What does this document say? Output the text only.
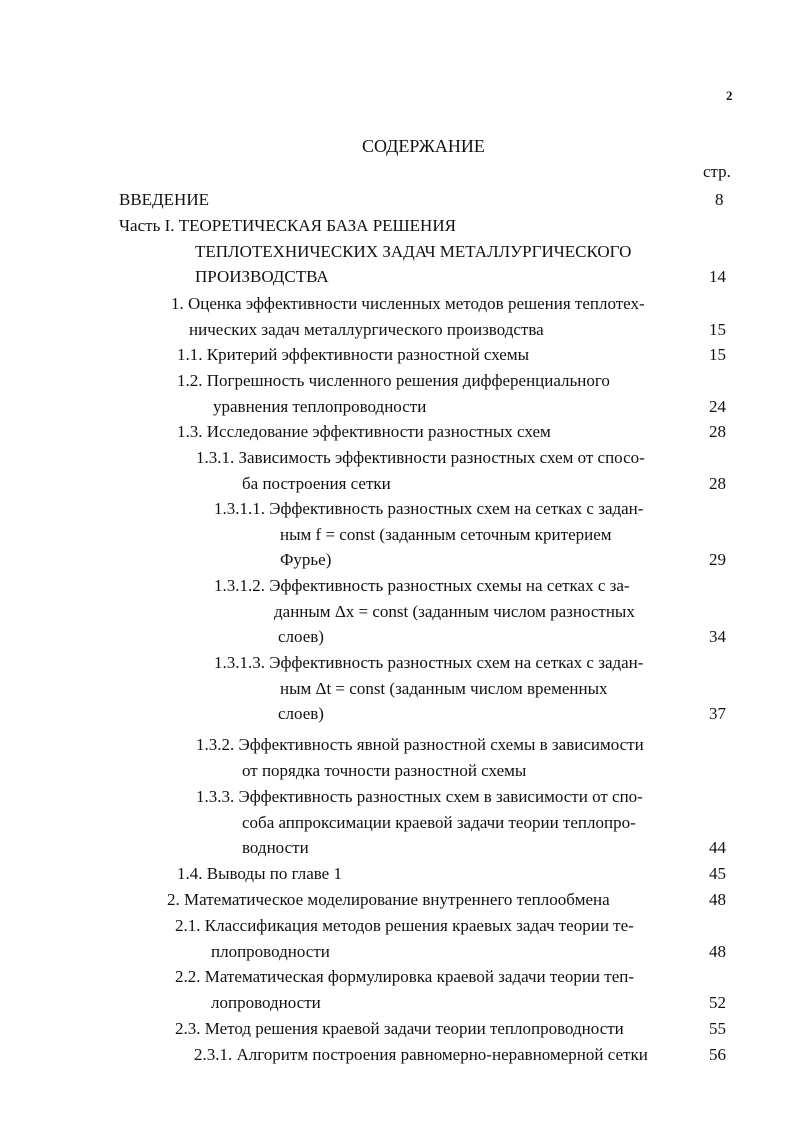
2
СОДЕРЖАНИЕ
стр.
ВВЕДЕНИЕ	8
Часть I. ТЕОРЕТИЧЕСКАЯ БАЗА РЕШЕНИЯ
ТЕПЛОТЕХНИЧЕСКИХ ЗАДАЧ МЕТАЛЛУРГИЧЕСКОГО
ПРОИЗВОДСТВА	14
1. Оценка эффективности численных методов решения теплотех-
нических задач металлургического производства	15
1.1. Критерий эффективности разностной схемы	15
1.2. Погрешность численного решения дифференциального
уравнения теплопроводности	24
1.3. Исследование эффективности разностных схем	28
1.3.1. Зависимость эффективности разностных схем от спосо-
ба построения сетки	28
1.3.1.1. Эффективность разностных схем на сетках с задан-
ным f = const (заданным сеточным критерием
Фурье)	29
1.3.1.2. Эффективность разностных схемы на сетках с за-
данным Δx = const (заданным числом разностных
слоев)	34
1.3.1.3. Эффективность разностных схем на сетках с задан-
ным Δt = const (заданным числом временных
слоев)	37
1.3.2. Эффективность явной разностной схемы в зависимости
от порядка точности разностной схемы
1.3.3. Эффективность разностных схем в зависимости от спо-
соба аппроксимации краевой задачи теории теплопро-
водности	44
1.4. Выводы по главе 1	45
2. Математическое моделирование внутреннего теплообмена	48
2.1. Классификация методов решения краевых задач теории те-
плопроводности	48
2.2. Математическая формулировка краевой задачи теории теп-
лопроводности	52
2.3. Метод решения краевой задачи теории теплопроводности	55
2.3.1. Алгоритм построения равномерно-неравномерной сетки	56
